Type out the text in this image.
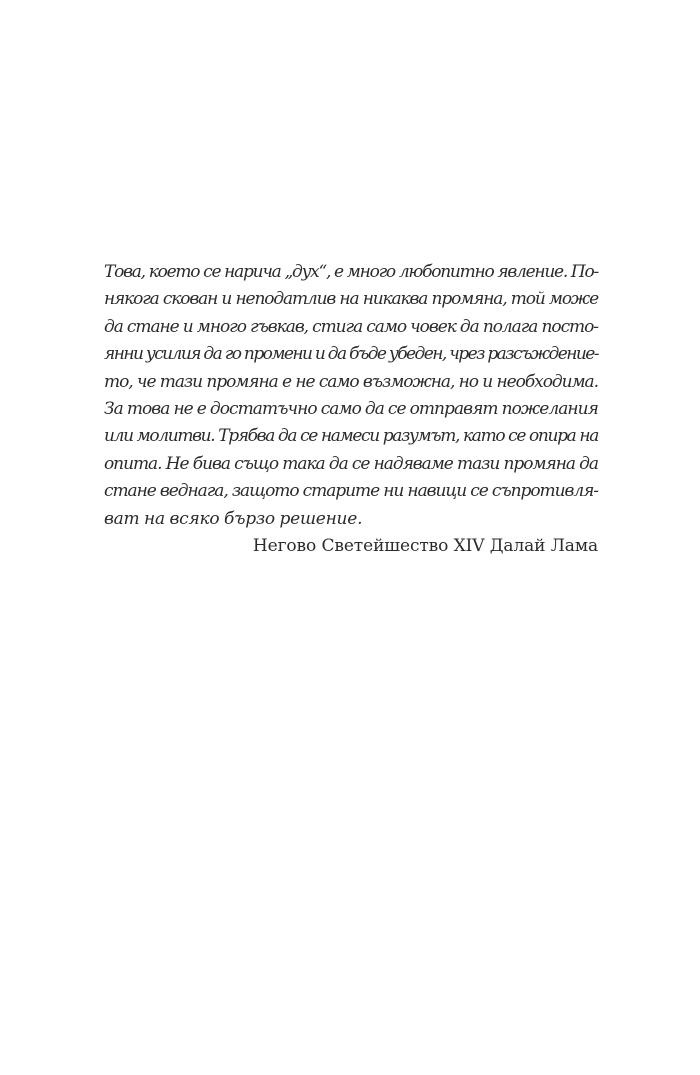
Това, което се нарича „дух“, е много любопитно явление. По-
някога скован и неподатлив на никаква промяна, той може
да стане и много гъвкав, стига само човек да полага посто-
янни усилия да го промени и да бъде убеден, чрез разсъждение-
то, че тази промяна е не само възможна, но и необходима.
За това не е достатъчно само да се отправят пожелания
или молитви. Трябва да се намеси разумът, като се опира на
опита. Не бива също така да се надяваме тази промяна да
стане веднага, защото старите ни навици се съпротивля-
ват на всяко бързо решение.
Негово Светейшество XIV Далай Лама
